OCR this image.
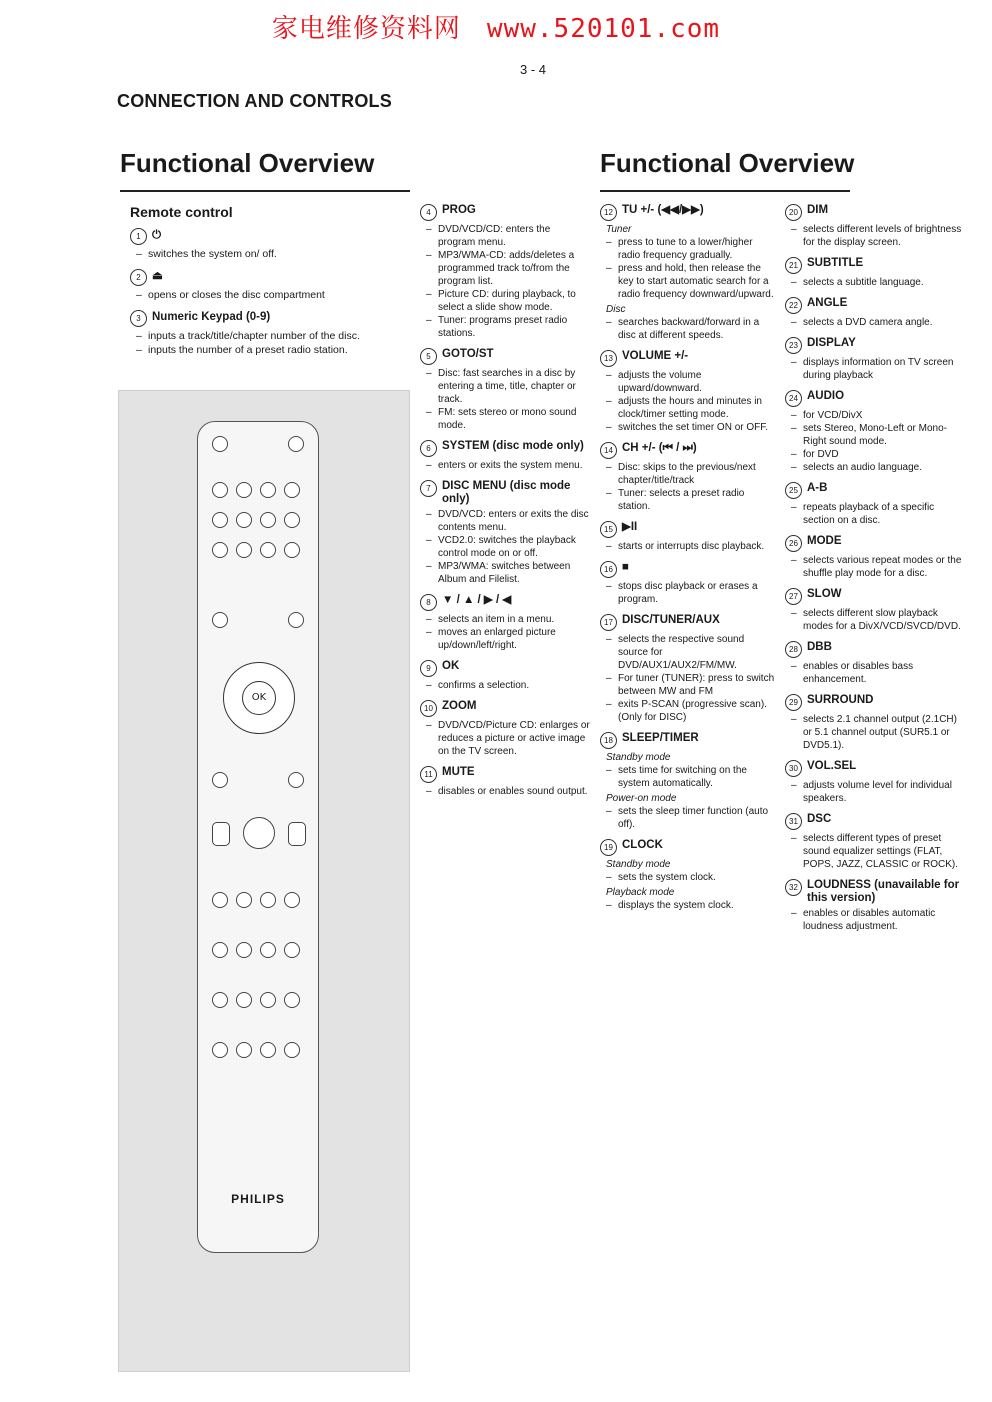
家电维修资料网 www.520101.com
3 - 4
CONNECTION AND CONTROLS
Functional Overview	Functional Overview
Remote control
1 ⏻
– switches the system on/ off.
2 ⏏
– opens or closes the disc compartment
3 Numeric Keypad (0-9)
– inputs a track/title/chapter number of the disc.
– inputs the number of a preset radio station.
4 PROG
– DVD/VCD/CD: enters the program menu.
– MP3/WMA-CD: adds/deletes a programmed track to/from the program list.
– Picture CD: during playback, to select a slide show mode.
– Tuner: programs preset radio stations.
5 GOTO/ST
– Disc: fast searches in a disc by entering a time, title, chapter or track.
– FM: sets stereo or mono sound mode.
6 SYSTEM (disc mode only)
– enters or exits the system menu.
7 DISC MENU (disc mode only)
– DVD/VCD: enters or exits the disc contents menu.
– VCD2.0: switches the playback control mode on or off.
– MP3/WMA: switches between Album and Filelist.
8 ▼ / ▲ / ▶ / ◀
– selects an item in a menu.
– moves an enlarged picture up/down/left/right.
9 OK
– confirms a selection.
10 ZOOM
– DVD/VCD/Picture CD: enlarges or reduces a picture or active image on the TV screen.
11 MUTE
– disables or enables sound output.
12 TU +/- (◀◀/▶▶)
Tuner
– press to tune to a lower/higher radio frequency gradually.
– press and hold, then release the key to start automatic search for a radio frequency downward/upward.
Disc
– searches backward/forward in a disc at different speeds.
13 VOLUME +/-
– adjusts the volume upward/downward.
– adjusts the hours and minutes in clock/timer setting mode.
– switches the set timer ON or OFF.
14 CH +/- (⏮ / ⏭)
– Disc: skips to the previous/next chapter/title/track
– Tuner: selects a preset radio station.
15 ▶II
– starts or interrupts disc playback.
16 ■
– stops disc playback or erases a program.
17 DISC/TUNER/AUX
– selects the respective sound source for DVD/AUX1/AUX2/FM/MW.
– For tuner (TUNER): press to switch between MW and FM
– exits P-SCAN (progressive scan). (Only for DISC)
18 SLEEP/TIMER
Standby mode
– sets time for switching on the system automatically.
Power-on mode
– sets the sleep timer function (auto off).
19 CLOCK
Standby mode
– sets the system clock.
Playback mode
– displays the system clock.
20 DIM
– selects different levels of brightness for the display screen.
21 SUBTITLE
– selects a subtitle language.
22 ANGLE
– selects a DVD camera angle.
23 DISPLAY
– displays information on TV screen during playback
24 AUDIO
– for VCD/DivX
– sets Stereo, Mono-Left or Mono-Right sound mode.
– for DVD
– selects an audio language.
25 A-B
– repeats playback of a specific section on a disc.
26 MODE
– selects various repeat modes or the shuffle play mode for a disc.
27 SLOW
– selects different slow playback modes for a DivX/VCD/SVCD/DVD.
28 DBB
– enables or disables bass enhancement.
29 SURROUND
– selects 2.1 channel output (2.1CH) or 5.1 channel output (SUR5.1 or DVD5.1).
30 VOL.SEL
– adjusts volume level for individual speakers.
31 DSC
– selects different types of preset sound equalizer settings (FLAT, POPS, JAZZ, CLASSIC or ROCK).
32 LOUDNESS (unavailable for this version)
– enables or disables automatic loudness adjustment.
OK
PHILIPS
